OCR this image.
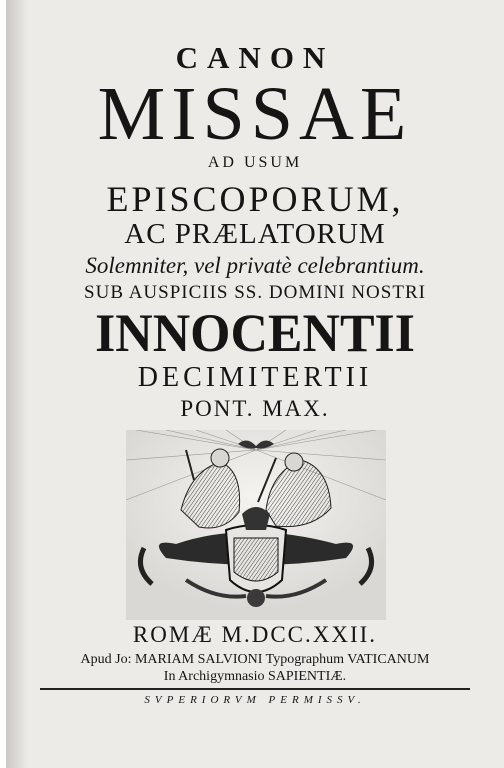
CANON
MISSAE
AD USUM
EPISCOPORUM,
AC PRÆLATORUM
Solemniter, vel privatè celebrantium.
SUB AUSPICIIS SS. DOMINI NOSTRI
INNOCENTII
DECIMITERTII
PONT. MAX.
ROMÆ M.DCC.XXII.
Apud Jo: MARIAM SALVIONI Typographum VATICANUM
In Archigymnasio SAPIENTIÆ.
SVPERIORVM PERMISSV.
